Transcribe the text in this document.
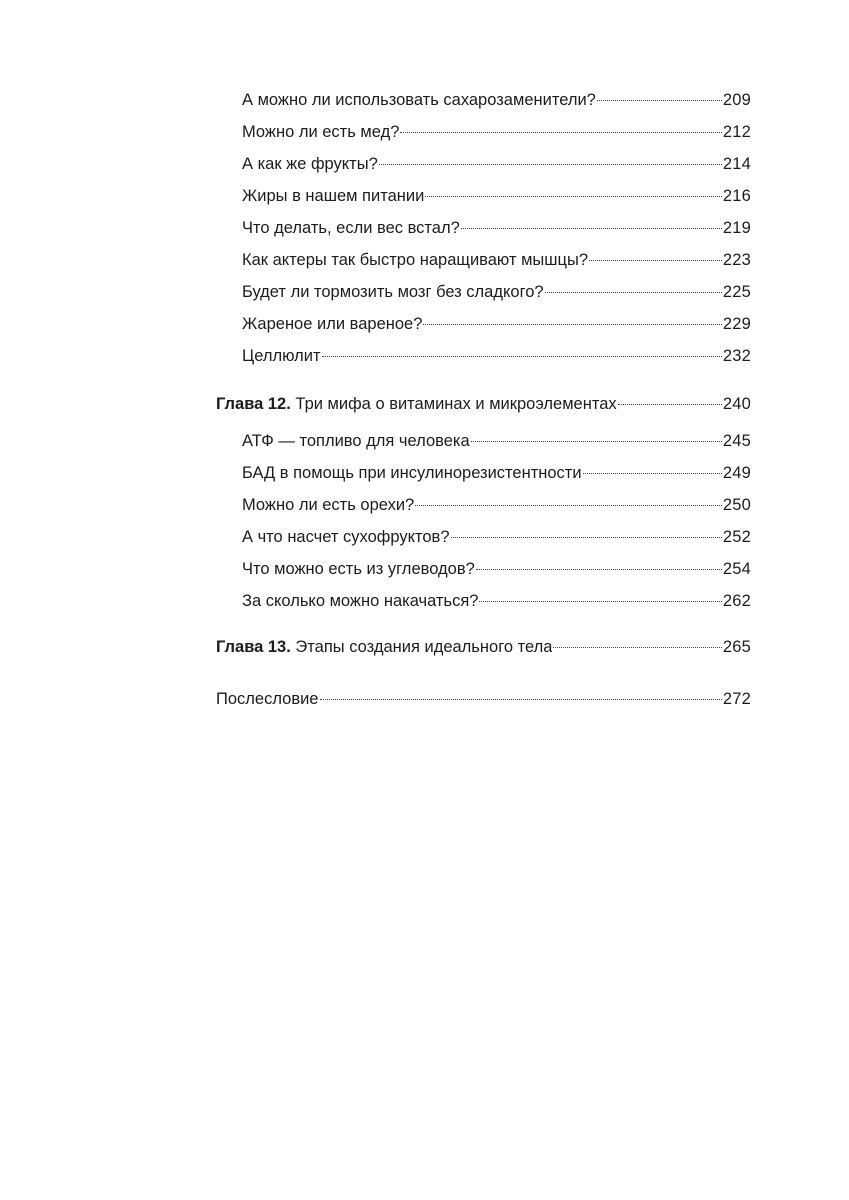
А можно ли использовать сахарозаменители?	209
Можно ли есть мед?	212
А как же фрукты?	214
Жиры в нашем питании	216
Что делать, если вес встал?	219
Как актеры так быстро наращивают мышцы?	223
Будет ли тормозить мозг без сладкого?	225
Жареное или вареное?	229
Целлюлит	232
Глава 12. Три мифа о витаминах и микроэлементах	240
АТФ — топливо для человека	245
БАД в помощь при инсулинорезистентности	249
Можно ли есть орехи?	250
А что насчет сухофруктов?	252
Что можно есть из углеводов?	254
За сколько можно накачаться?	262
Глава 13. Этапы создания идеального тела	265
Послесловие	272
